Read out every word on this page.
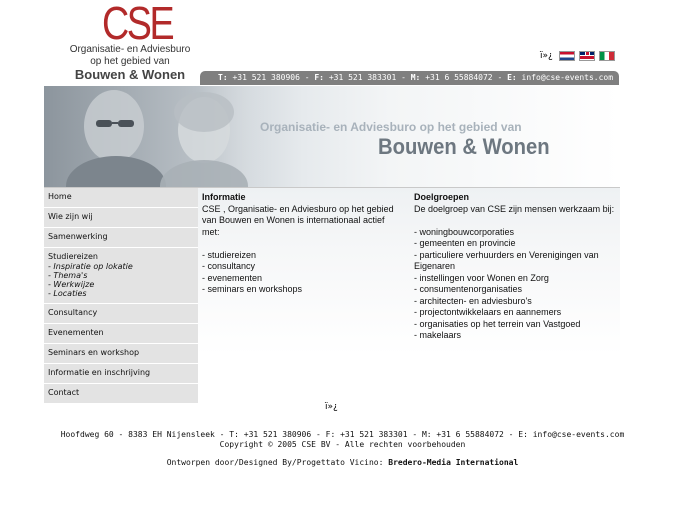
CSE
Organisatie- en Adviesburo
op het gebied van
Bouwen & Wonen
ï»¿
T: +31 521 380906 - F: +31 521 383301 - M: +31 6 55884072 - E: info@cse-events.com
Organisatie- en Adviesburo op het gebied van
Bouwen & Wonen
Home
Wie zijn wij
Samenwerking
Studiereizen
- Inspiratie op lokatie
- Thema's
- Werkwijze
- Locaties
Consultancy
Evenementen
Seminars en workshop
Informatie en inschrijving
Contact
Informatie

CSE , Organisatie- en Adviesburo op het gebied van Bouwen en Wonen is internationaal actief met:

- studiereizen
- consultancy
- evenementen
- seminars en workshops
Doelgroepen

De doelgroep van CSE zijn mensen werkzaam bij:

- woningbouwcorporaties
- gemeenten en provincie
- particuliere verhuurders en Verenigingen van Eigenaren
- instellingen voor Wonen en Zorg
- consumentenorganisaties
- architecten- en adviesburo's
- projectontwikkelaars en aannemers
- organisaties op het terrein van Vastgoed
- makelaars
ï»¿
Hoofdweg 60 - 8383 EH Nijensleek - T: +31 521 380906 - F: +31 521 383301 - M: +31 6 55884072 - E: info@cse-events.com
Copyright © 2005 CSE BV - Alle rechten voorbehouden
Ontworpen door/Designed By/Progettato Vicino: Bredero-Media International
